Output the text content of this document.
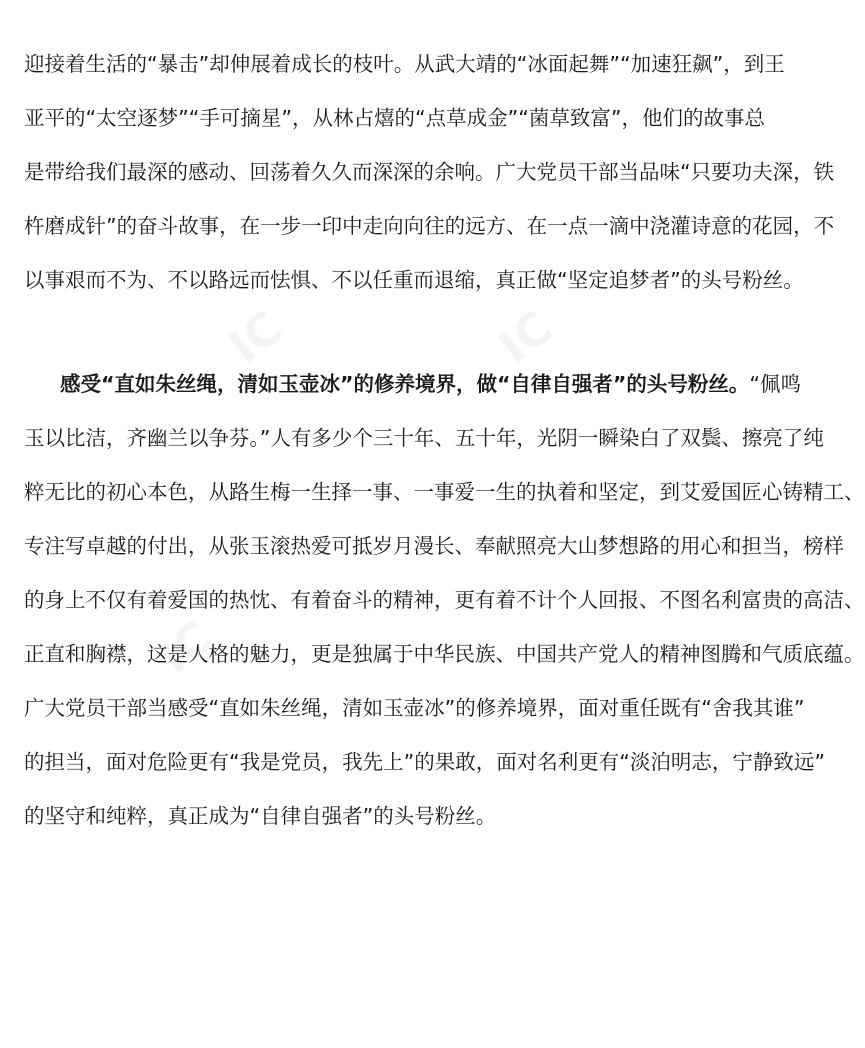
迎接着生活的“暴击”却伸展着成长的枝叶。从武大靖的“冰面起舞”“加速狂飙”，到王
亚平的“太空逐梦”“手可摘星”，从林占熺的“点草成金”“菌草致富”，他们的故事总
是带给我们最深的感动、回荡着久久而深深的余响。广大党员干部当品味“只要功夫深，铁
杵磨成针”的奋斗故事，在一步一印中走向向往的远方、在一点一滴中浇灌诗意的花园，不
以事艰而不为、不以路远而怯惧、不以任重而退缩，真正做“坚定追梦者”的头号粉丝。
感受“直如朱丝绳，清如玉壶冰”的修养境界，做“自律自强者”的头号粉丝。“佩鸣
玉以比洁，齐幽兰以争芬。”人有多少个三十年、五十年，光阴一瞬染白了双鬓、擦亮了纯
粹无比的初心本色，从路生梅一生择一事、一事爱一生的执着和坚定，到艾爱国匠心铸精工、
专注写卓越的付出，从张玉滚热爱可抵岁月漫长、奉献照亮大山梦想路的用心和担当，榜样
的身上不仅有着爱国的热忱、有着奋斗的精神，更有着不计个人回报、不图名利富贵的高洁、
正直和胸襟，这是人格的魅力，更是独属于中华民族、中国共产党人的精神图腾和气质底蕴。
广大党员干部当感受“直如朱丝绳，清如玉壶冰”的修养境界，面对重任既有“舍我其谁”
的担当，面对危险更有“我是党员，我先上”的果敢，面对名利更有“淡泊明志，宁静致远”
的坚守和纯粹，真正成为“自律自强者”的头号粉丝。
